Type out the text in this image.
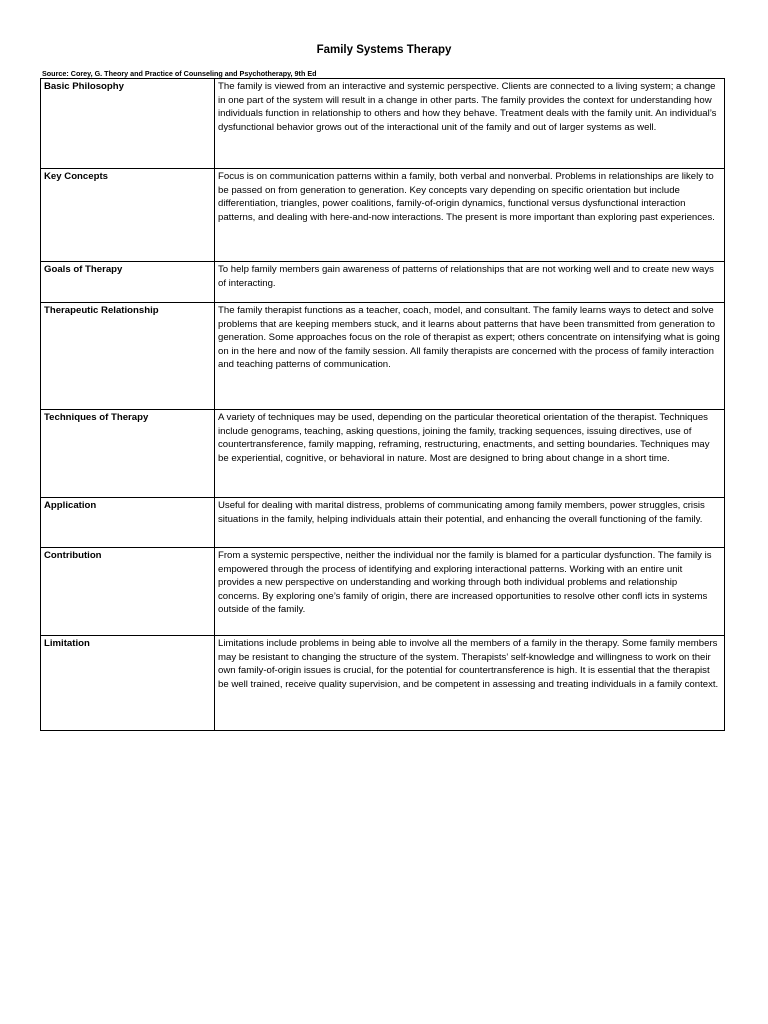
Family Systems Therapy
Source: Corey, G. Theory and Practice of Counseling and Psychotherapy, 9th Ed
Basic Philosophy	The family is viewed from an interactive and systemic perspective. Clients are connected to a living system; a change in one part of the system will result in a change in other parts. The family provides the context for understanding how individuals function in relationship to others and how they behave. Treatment deals with the family unit. An individual’s dysfunctional behavior grows out of the interactional unit of the family and out of larger systems as well.
Key Concepts	Focus is on communication patterns within a family, both verbal and nonverbal. Problems in relationships are likely to be passed on from generation to generation. Key concepts vary depending on specific orientation but include differentiation, triangles, power coalitions, family-of-origin dynamics, functional versus dysfunctional interaction patterns, and dealing with here-and-now interactions. The present is more important than exploring past experiences.
Goals of Therapy	To help family members gain awareness of patterns of relationships that are not working well and to create new ways of interacting.
Therapeutic Relationship	The family therapist functions as a teacher, coach, model, and consultant. The family learns ways to detect and solve problems that are keeping members stuck, and it learns about patterns that have been transmitted from generation to generation. Some approaches focus on the role of therapist as expert; others concentrate on intensifying what is going on in the here and now of the family session. All family therapists are concerned with the process of family interaction and teaching patterns of communication.
Techniques of Therapy	A variety of techniques may be used, depending on the particular theoretical orientation of the therapist. Techniques include genograms, teaching, asking questions, joining the family, tracking sequences, issuing directives, use of countertransference, family mapping, reframing, restructuring, enactments, and setting boundaries. Techniques may be experiential, cognitive, or behavioral in nature. Most are designed to bring about change in a short time.
Application	Useful for dealing with marital distress, problems of communicating among family members, power struggles, crisis situations in the family, helping individuals attain their potential, and enhancing the overall functioning of the family.
Contribution	From a systemic perspective, neither the individual nor the family is blamed for a particular dysfunction. The family is empowered through the process of identifying and exploring interactional patterns. Working with an entire unit provides a new perspective on understanding and working through both individual problems and relationship concerns. By exploring one’s family of origin, there are increased opportunities to resolve other confl icts in systems outside of the family.
Limitation	Limitations include problems in being able to involve all the members of a family in the therapy. Some family members may be resistant to changing the structure of the system. Therapists’ self-knowledge and willingness to work on their own family-of-origin issues is crucial, for the potential for countertransference is high. It is essential that the therapist be well trained, receive quality supervision, and be competent in assessing and treating individuals in a family context.
